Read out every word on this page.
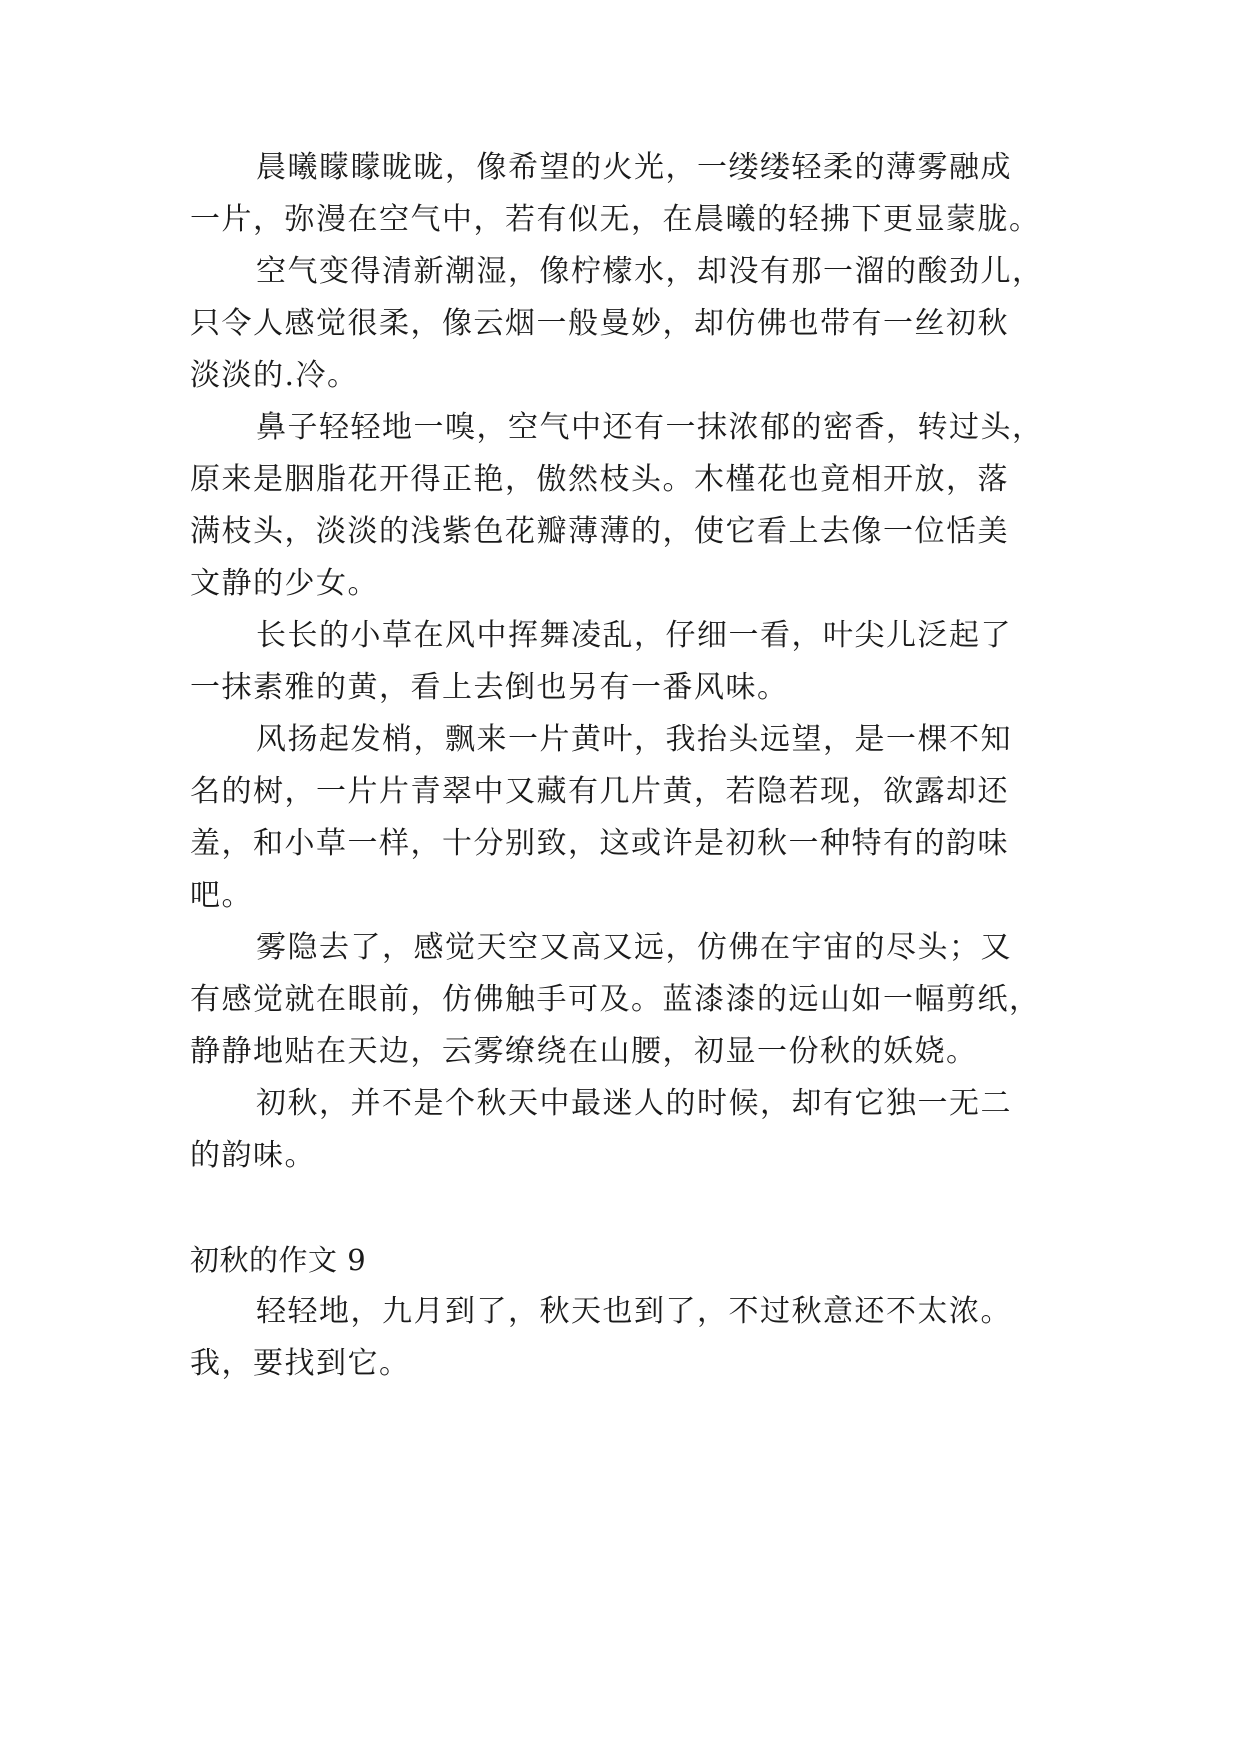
晨曦矇矇昽昽，像希望的火光，一缕缕轻柔的薄雾融成
一片，弥漫在空气中，若有似无，在晨曦的轻拂下更显蒙胧。
空气变得清新潮湿，像柠檬水，却没有那一溜的酸劲儿，
只令人感觉很柔，像云烟一般曼妙，却仿佛也带有一丝初秋
淡淡的.冷。
鼻子轻轻地一嗅，空气中还有一抹浓郁的密香，转过头，
原来是胭脂花开得正艳，傲然枝头。木槿花也竟相开放，落
满枝头，淡淡的浅紫色花瓣薄薄的，使它看上去像一位恬美
文静的少女。
长长的小草在风中挥舞凌乱，仔细一看，叶尖儿泛起了
一抹素雅的黄，看上去倒也另有一番风味。
风扬起发梢，飘来一片黄叶，我抬头远望，是一棵不知
名的树，一片片青翠中又藏有几片黄，若隐若现，欲露却还
羞，和小草一样，十分别致，这或许是初秋一种特有的韵味
吧。
雾隐去了，感觉天空又高又远，仿佛在宇宙的尽头；又
有感觉就在眼前，仿佛触手可及。蓝漆漆的远山如一幅剪纸，
静静地贴在天边，云雾缭绕在山腰，初显一份秋的妖娆。
初秋，并不是个秋天中最迷人的时候，却有它独一无二
的韵味。
初秋的作文 9
轻轻地，九月到了，秋天也到了，不过秋意还不太浓。
我，要找到它。
